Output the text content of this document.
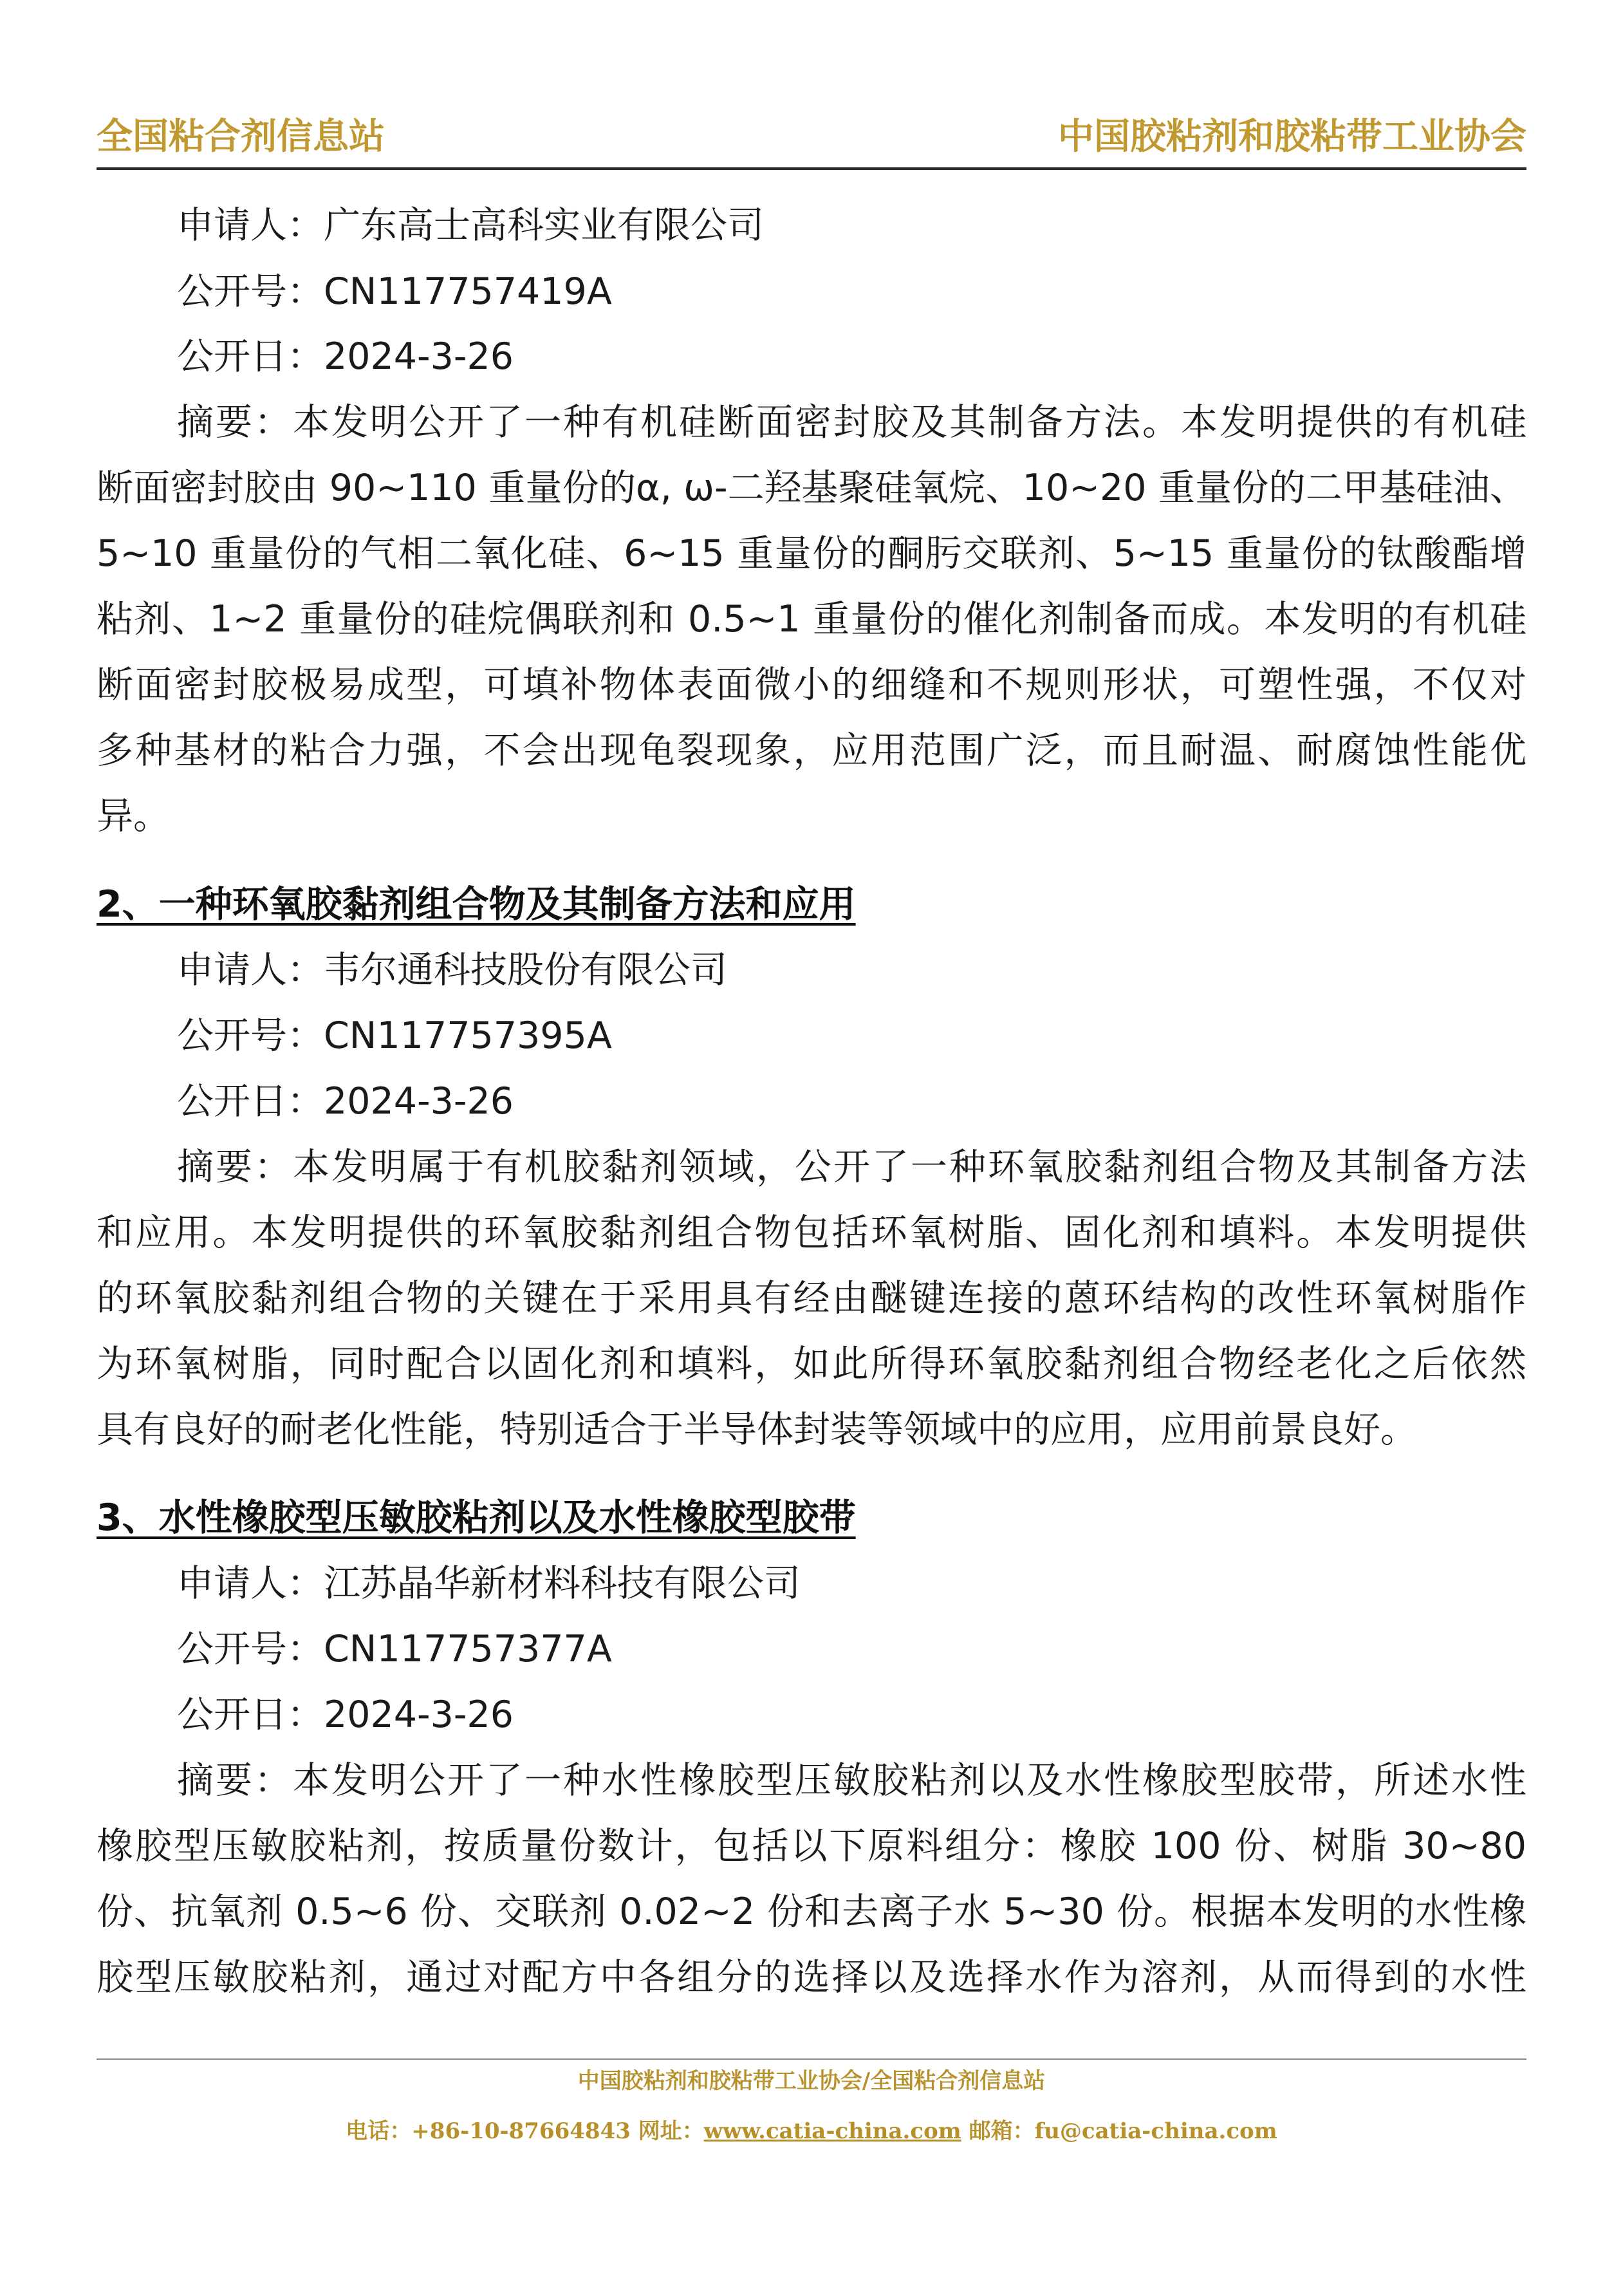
全国粘合剂信息站	中国胶粘剂和胶粘带工业协会
申请人：广东高士高科实业有限公司
公开号：CN117757419A
公开日：2024-3-26
摘要：本发明公开了一种有机硅断面密封胶及其制备方法。本发明提供的有机硅
断面密封胶由 90~110 重量份的α, ω-二羟基聚硅氧烷、10~20 重量份的二甲基硅油、
5~10 重量份的气相二氧化硅、6~15 重量份的酮肟交联剂、5~15 重量份的钛酸酯增
粘剂、1~2 重量份的硅烷偶联剂和 0.5~1 重量份的催化剂制备而成。本发明的有机硅
断面密封胶极易成型，可填补物体表面微小的细缝和不规则形状，可塑性强，不仅对
多种基材的粘合力强，不会出现龟裂现象，应用范围广泛，而且耐温、耐腐蚀性能优
异。
2、一种环氧胶黏剂组合物及其制备方法和应用
申请人：韦尔通科技股份有限公司
公开号：CN117757395A
公开日：2024-3-26
摘要：本发明属于有机胶黏剂领域，公开了一种环氧胶黏剂组合物及其制备方法
和应用。本发明提供的环氧胶黏剂组合物包括环氧树脂、固化剂和填料。本发明提供
的环氧胶黏剂组合物的关键在于采用具有经由醚键连接的蒽环结构的改性环氧树脂作
为环氧树脂，同时配合以固化剂和填料，如此所得环氧胶黏剂组合物经老化之后依然
具有良好的耐老化性能，特别适合于半导体封装等领域中的应用，应用前景良好。
3、水性橡胶型压敏胶粘剂以及水性橡胶型胶带
申请人：江苏晶华新材料科技有限公司
公开号：CN117757377A
公开日：2024-3-26
摘要：本发明公开了一种水性橡胶型压敏胶粘剂以及水性橡胶型胶带，所述水性
橡胶型压敏胶粘剂，按质量份数计，包括以下原料组分：橡胶 100 份、树脂 30~80
份、抗氧剂 0.5~6 份、交联剂 0.02~2 份和去离子水 5~30 份。根据本发明的水性橡
胶型压敏胶粘剂，通过对配方中各组分的选择以及选择水作为溶剂，从而得到的水性
中国胶粘剂和胶粘带工业协会/全国粘合剂信息站
电话：+86-10-87664843 网址：www.catia-china.com 邮箱：fu@catia-china.com
